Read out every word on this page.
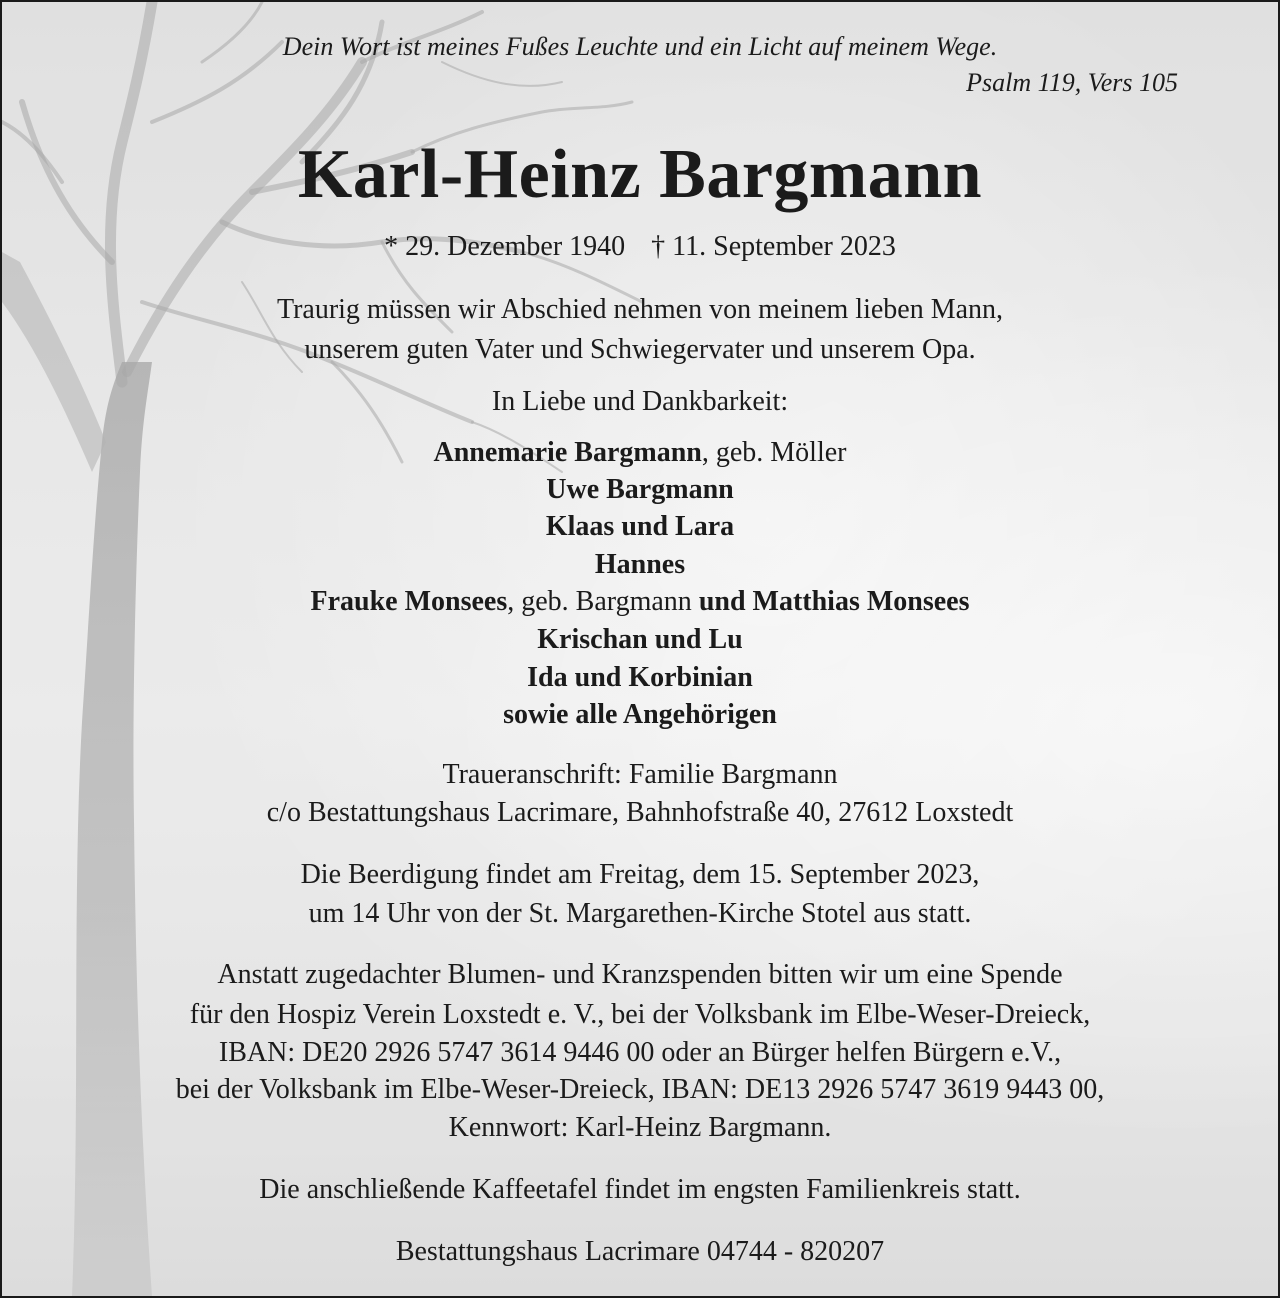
Dein Wort ist meines Fußes Leuchte und ein Licht auf meinem Wege.
Psalm 119, Vers 105
Karl-Heinz Bargmann
* 29. Dezember 1940 † 11. September 2023
Traurig müssen wir Abschied nehmen von meinem lieben Mann,
unserem guten Vater und Schwiegervater und unserem Opa.
In Liebe und Dankbarkeit:
Annemarie Bargmann, geb. Möller
Uwe Bargmann
Klaas und Lara
Hannes
Frauke Monsees, geb. Bargmann und Matthias Monsees
Krischan und Lu
Ida und Korbinian
sowie alle Angehörigen
Traueranschrift: Familie Bargmann
c/o Bestattungshaus Lacrimare, Bahnhofstraße 40, 27612 Loxstedt
Die Beerdigung findet am Freitag, dem 15. September 2023,
um 14 Uhr von der St. Margarethen-Kirche Stotel aus statt.
Anstatt zugedachter Blumen- und Kranzspenden bitten wir um eine Spende
für den Hospiz Verein Loxstedt e. V., bei der Volksbank im Elbe-Weser-Dreieck,
IBAN: DE20 2926 5747 3614 9446 00 oder an Bürger helfen Bürgern e.V.,
bei der Volksbank im Elbe-Weser-Dreieck, IBAN: DE13 2926 5747 3619 9443 00,
Kennwort: Karl-Heinz Bargmann.
Die anschließende Kaffeetafel findet im engsten Familienkreis statt.
Bestattungshaus Lacrimare 04744 - 820207
